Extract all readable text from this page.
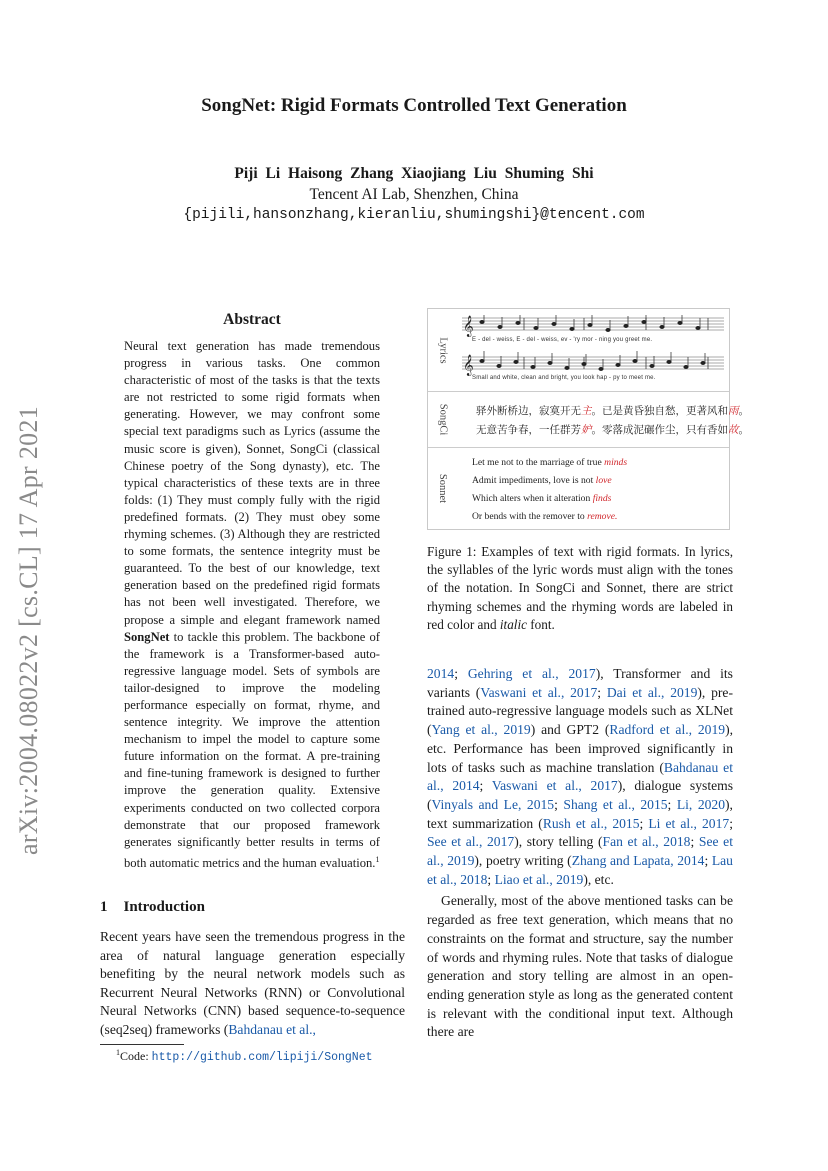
arXiv:2004.08022v2 [cs.CL] 17 Apr 2021
SongNet: Rigid Formats Controlled Text Generation
Piji Li Haisong Zhang Xiaojiang Liu Shuming Shi
Tencent AI Lab, Shenzhen, China
{pijili,hansonzhang,kieranliu,shumingshi}@tencent.com
Abstract
Neural text generation has made tremendous progress in various tasks. One common characteristic of most of the tasks is that the texts are not restricted to some rigid formats when generating. However, we may confront some special text paradigms such as Lyrics (assume the music score is given), Sonnet, SongCi (classical Chinese poetry of the Song dynasty), etc. The typical characteristics of these texts are in three folds: (1) They must comply fully with the rigid predefined formats. (2) They must obey some rhyming schemes. (3) Although they are restricted to some formats, the sentence integrity must be guaranteed. To the best of our knowledge, text generation based on the predefined rigid formats has not been well investigated. Therefore, we propose a simple and elegant framework named SongNet to tackle this problem. The backbone of the framework is a Transformer-based auto-regressive language model. Sets of symbols are tailor-designed to improve the modeling performance especially on format, rhyme, and sentence integrity. We improve the attention mechanism to impel the model to capture some future information on the format. A pre-training and fine-tuning framework is designed to further improve the generation quality. Extensive experiments conducted on two collected corpora demonstrate that our proposed framework generates significantly better results in terms of both automatic metrics and the human evaluation.$^1$
1 Introduction
Recent years have seen the tremendous progress in the area of natural language generation especially benefiting by the neural network models such as Recurrent Neural Networks (RNN) or Convolutional Neural Networks (CNN) based sequence-to-sequence (seq2seq) frameworks (Bahdanau et al.,
$^1$Code: http://github.com/lipiji/SongNet
Lyrics
𝄞
𝄞
E - del - weiss, E - del - weiss, ev - 'ry mor - ning you greet me.
Small and white, clean and bright, you look hap - py to meet me.
SongCi	驿外断桥边，寂寞开无主。已是黄昏独自愁，更著风和雨。
无意苦争春，一任群芳妒。零落成泥碾作尘，只有香如故。
Sonnet
Let me not to the marriage of true minds
Admit impediments, love is not love
Which alters when it alteration finds
Or bends with the remover to remove.
Figure 1: Examples of text with rigid formats. In lyrics, the syllables of the lyric words must align with the tones of the notation. In SongCi and Sonnet, there are strict rhyming schemes and the rhyming words are labeled in red color and italic font.

2014; Gehring et al., 2017), Transformer and its variants (Vaswani et al., 2017; Dai et al., 2019), pre-trained auto-regressive language models such as XLNet (Yang et al., 2019) and GPT2 (Radford et al., 2019), etc. Performance has been improved significantly in lots of tasks such as machine translation (Bahdanau et al., 2014; Vaswani et al., 2017), dialogue systems (Vinyals and Le, 2015; Shang et al., 2015; Li, 2020), text summarization (Rush et al., 2015; Li et al., 2017; See et al., 2017), story telling (Fan et al., 2018; See et al., 2019), poetry writing (Zhang and Lapata, 2014; Lau et al., 2018; Liao et al., 2019), etc.

Generally, most of the above mentioned tasks can be regarded as free text generation, which means that no constraints on the format and structure, say the number of words and rhyming rules. Note that tasks of dialogue generation and story telling are almost in an open-ending generation style as long as the generated content is relevant with the conditional input text. Although there are
